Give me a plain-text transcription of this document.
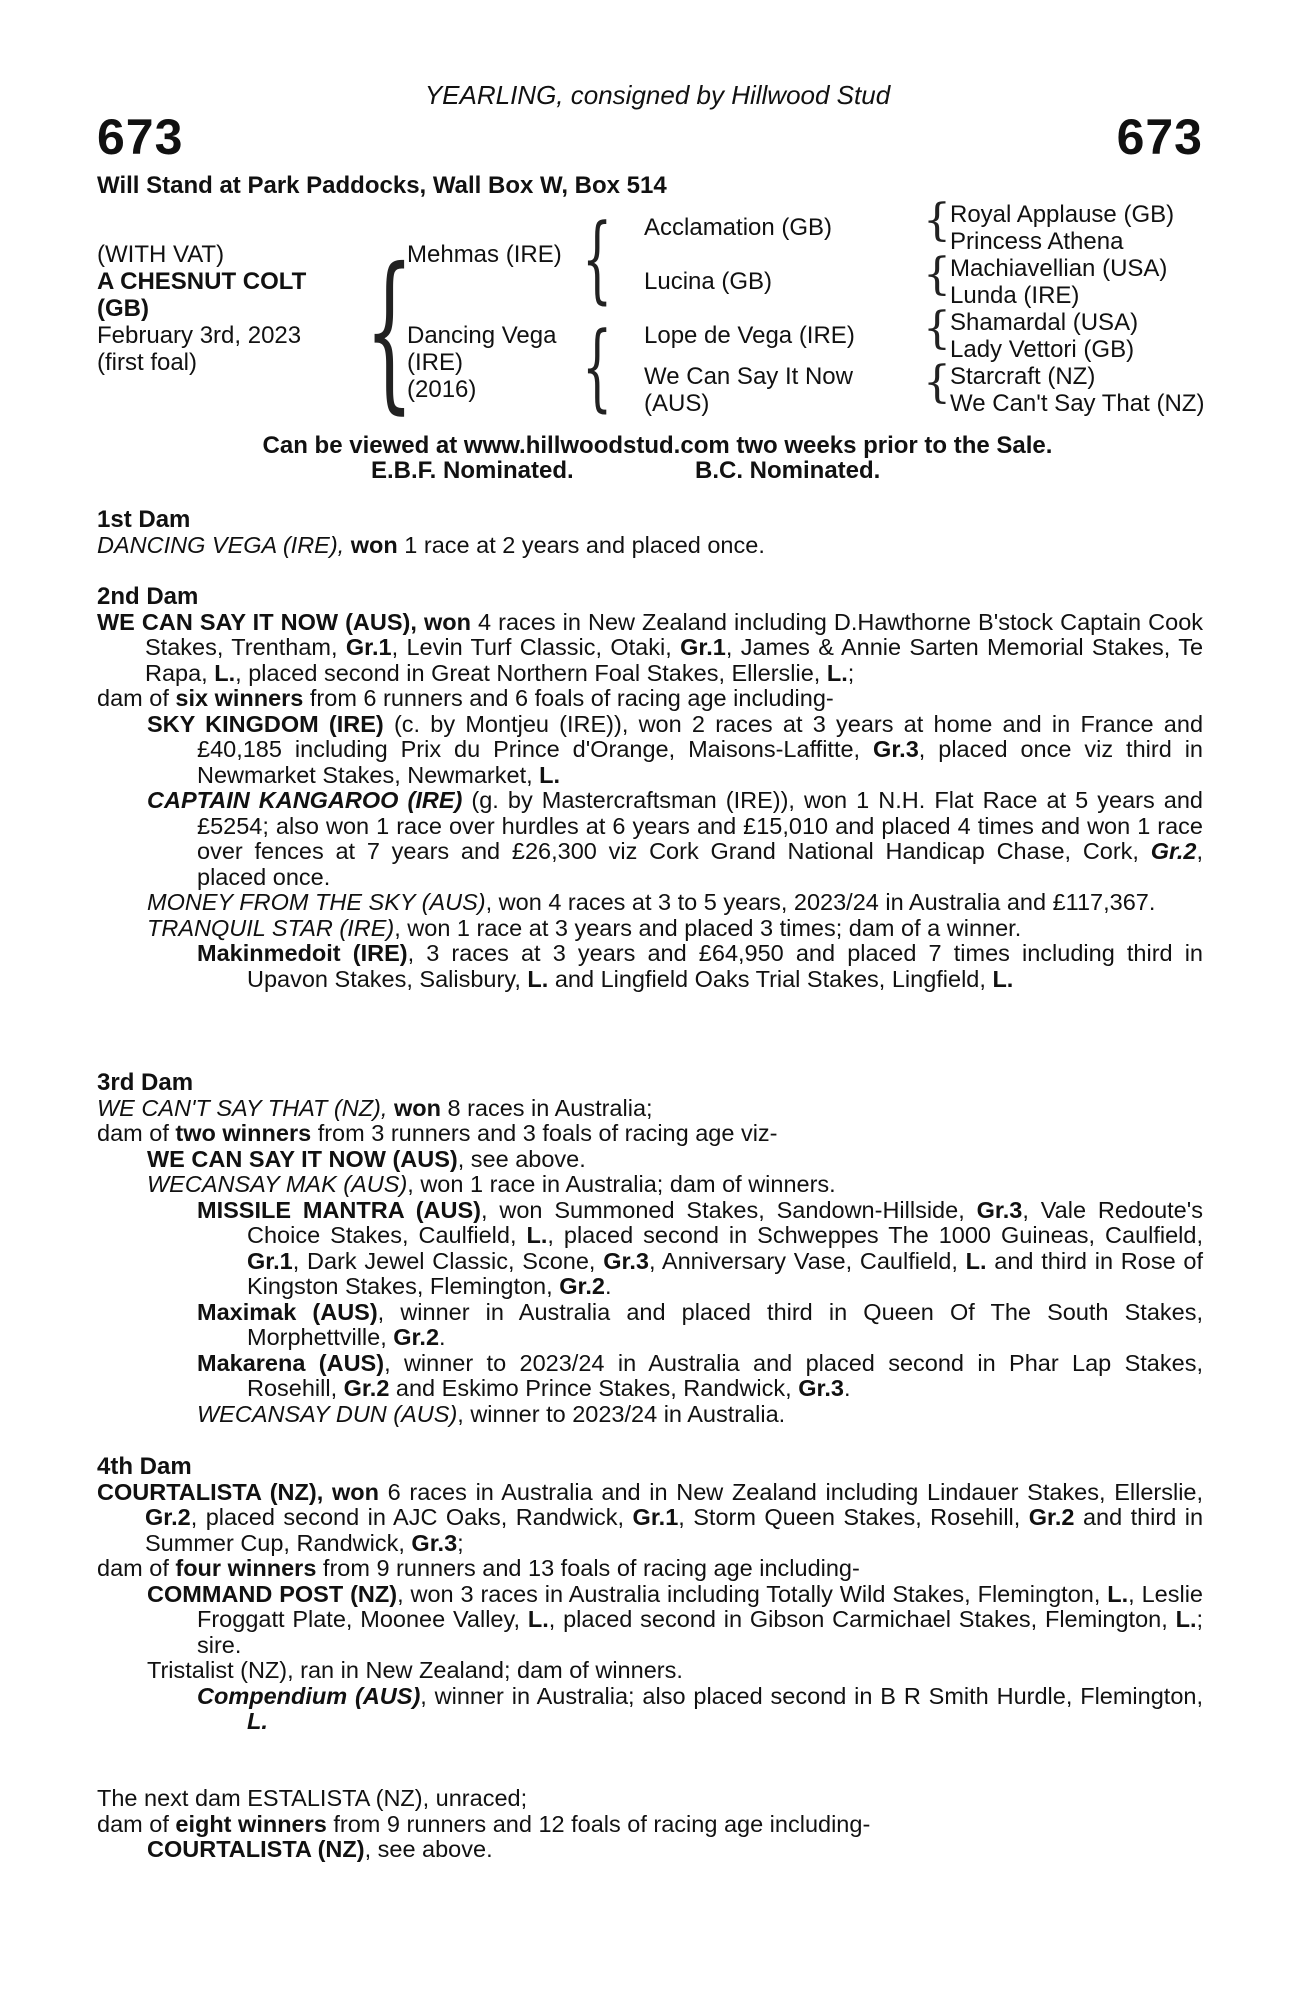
YEARLING, consigned by Hillwood Stud
673	673
Will Stand at Park Paddocks, Wall Box W, Box 514
(WITH VAT)
A CHESNUT COLT
(GB)
February 3rd, 2023
(first foal) {
Mehmas (IRE)
Dancing Vega
(IRE)
(2016)
{
{
Acclamation (GB)
Lucina (GB)
Lope de Vega (IRE)
We Can Say It Now
(AUS)
{
{
{
{
Royal Applause (GB)
Princess Athena
Machiavellian (USA)
Lunda (IRE)
Shamardal (USA)
Lady Vettori (GB)
Starcraft (NZ)
We Can't Say That (NZ)
Can be viewed at www.hillwoodstud.com two weeks prior to the Sale.
E.B.F. Nominated.	B.C. Nominated.

1st Dam

DANCING VEGA (IRE), won 1 race at 2 years and placed once.

2nd Dam

WE CAN SAY IT NOW (AUS), won 4 races in New Zealand including D.Hawthorne B'stock Captain Cook Stakes, Trentham, Gr.1, Levin Turf Classic, Otaki, Gr.1, James & Annie Sarten Memorial Stakes, Te Rapa, L., placed second in Great Northern Foal Stakes, Ellerslie, L.;

dam of six winners from 6 runners and 6 foals of racing age including-

SKY KINGDOM (IRE) (c. by Montjeu (IRE)), won 2 races at 3 years at home and in France and £40,185 including Prix du Prince d'Orange, Maisons-Laffitte, Gr.3, placed once viz third in Newmarket Stakes, Newmarket, L.

CAPTAIN KANGAROO (IRE) (g. by Mastercraftsman (IRE)), won 1 N.H. Flat Race at 5 years and £5254; also won 1 race over hurdles at 6 years and £15,010 and placed 4 times and won 1 race over fences at 7 years and £26,300 viz Cork Grand National Handicap Chase, Cork, Gr.2, placed once.

MONEY FROM THE SKY (AUS), won 4 races at 3 to 5 years, 2023/24 in Australia and £117,367.

TRANQUIL STAR (IRE), won 1 race at 3 years and placed 3 times; dam of a winner.

Makinmedoit (IRE), 3 races at 3 years and £64,950 and placed 7 times including third in Upavon Stakes, Salisbury, L. and Lingfield Oaks Trial Stakes, Lingfield, L.

3rd Dam

WE CAN'T SAY THAT (NZ), won 8 races in Australia;

dam of two winners from 3 runners and 3 foals of racing age viz-

WE CAN SAY IT NOW (AUS), see above.

WECANSAY MAK (AUS), won 1 race in Australia; dam of winners.

MISSILE MANTRA (AUS), won Summoned Stakes, Sandown-Hillside, Gr.3, Vale Redoute's Choice Stakes, Caulfield, L., placed second in Schweppes The 1000 Guineas, Caulfield, Gr.1, Dark Jewel Classic, Scone, Gr.3, Anniversary Vase, Caulfield, L. and third in Rose of Kingston Stakes, Flemington, Gr.2.

Maximak (AUS), winner in Australia and placed third in Queen Of The South Stakes, Morphettville, Gr.2.

Makarena (AUS), winner to 2023/24 in Australia and placed second in Phar Lap Stakes, Rosehill, Gr.2 and Eskimo Prince Stakes, Randwick, Gr.3.

WECANSAY DUN (AUS), winner to 2023/24 in Australia.

4th Dam

COURTALISTA (NZ), won 6 races in Australia and in New Zealand including Lindauer Stakes, Ellerslie, Gr.2, placed second in AJC Oaks, Randwick, Gr.1, Storm Queen Stakes, Rosehill, Gr.2 and third in Summer Cup, Randwick, Gr.3;

dam of four winners from 9 runners and 13 foals of racing age including-

COMMAND POST (NZ), won 3 races in Australia including Totally Wild Stakes, Flemington, L., Leslie Froggatt Plate, Moonee Valley, L., placed second in Gibson Carmichael Stakes, Flemington, L.; sire.

Tristalist (NZ), ran in New Zealand; dam of winners.

Compendium (AUS), winner in Australia; also placed second in B R Smith Hurdle, Flemington, L.

The next dam ESTALISTA (NZ), unraced;

dam of eight winners from 9 runners and 12 foals of racing age including-

COURTALISTA (NZ), see above.
